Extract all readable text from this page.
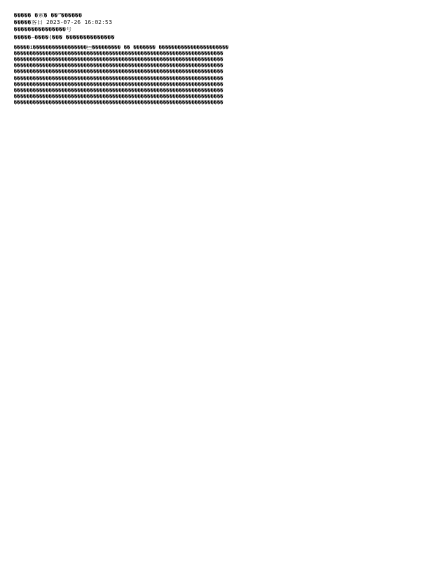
����� �索� ��”������
�����客日 2023-07-26 16:02:53
���������������号
�����—����(��� ��������������
�����ĩ�������������������������� �� ������� ����������������������
������������������������������������������������������������������
������������������������������������������������������������������
������������������������������������������������������������������
������������������������������������������������������������������
������������������������������������������������������������������
������������������������������������������������������������������
������������������������������������������������������������������
������������������������������������������������������������������
������������������������������������������������������������������
